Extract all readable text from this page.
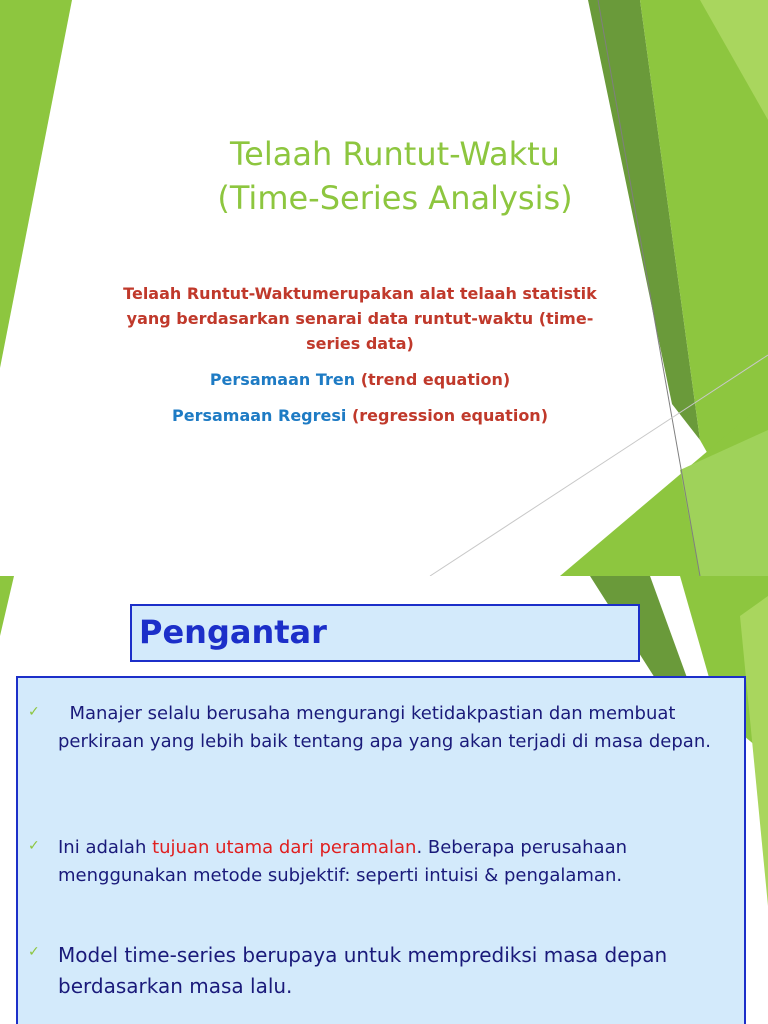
Telaah Runtut-Waktu
(Time-Series Analysis)
Telaah Runtut-Waktumerupakan alat telaah statistik yang berdasarkan senarai data runtut-waktu (time-series data)
Persamaan Tren (trend equation)
Persamaan Regresi (regression equation)
Pengantar
✓ Manajer selalu berusaha mengurangi ketidakpastian dan membuat perkiraan yang lebih baik tentang apa yang akan terjadi di masa depan.
✓ Ini adalah tujuan utama dari peramalan. Beberapa perusahaan menggunakan metode subjektif: seperti intuisi & pengalaman.
✓ Model time-series berupaya untuk memprediksi masa depan berdasarkan masa lalu.
